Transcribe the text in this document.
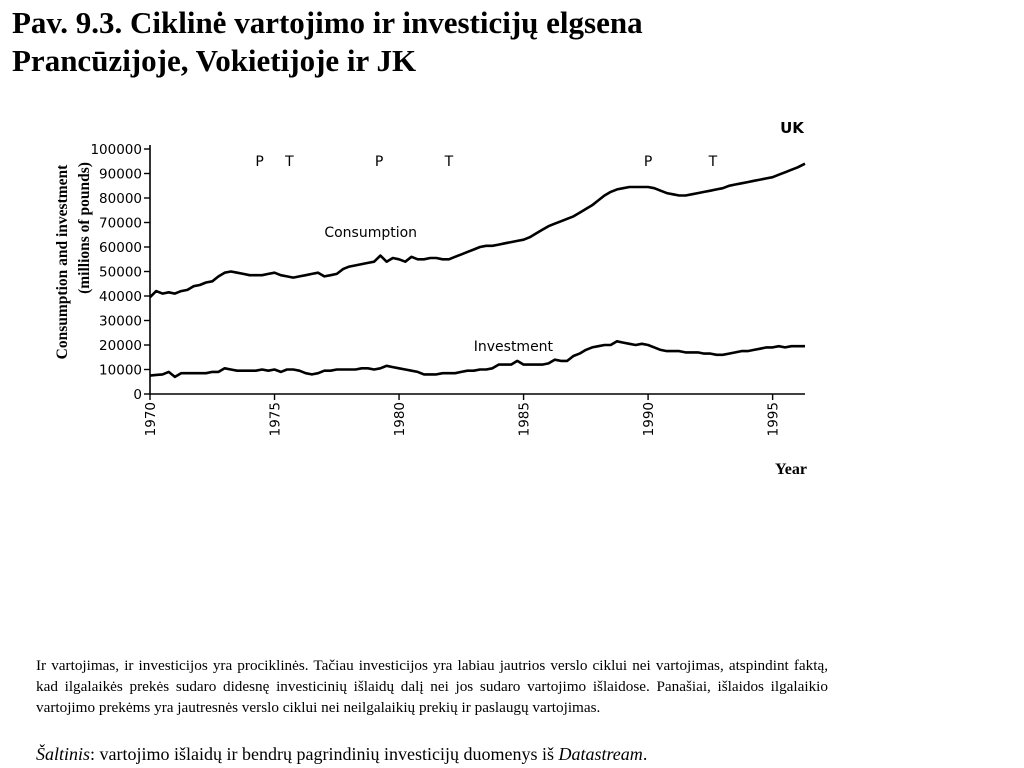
Pav. 9.3. Ciklinė vartojimo ir investicijų elgsena
Prancūzijoje, Vokietijoje ir JK
0
10000
20000
30000
40000
50000
60000
70000
80000
90000
100000
1970	1975	1980	1985	1990	1995
Year
Consumption and investment (millions of pounds)
UK
P T	P	T	P	T
Consumption
Investment

Ir vartojimas, ir investicijos yra prociklinės. Tačiau investicijos yra labiau jautrios verslo ciklui nei vartojimas, atspindint faktą, kad ilgalaikės prekės sudaro didesnę investicinių išlaidų dalį nei jos sudaro vartojimo išlaidose. Panašiai, išlaidos ilgalaikio vartojimo prekėms yra jautresnės verslo ciklui nei neilgalaikių prekių ir paslaugų vartojimas.

Šaltinis: vartojimo išlaidų ir bendrų pagrindinių investicijų duomenys iš Datastream.
